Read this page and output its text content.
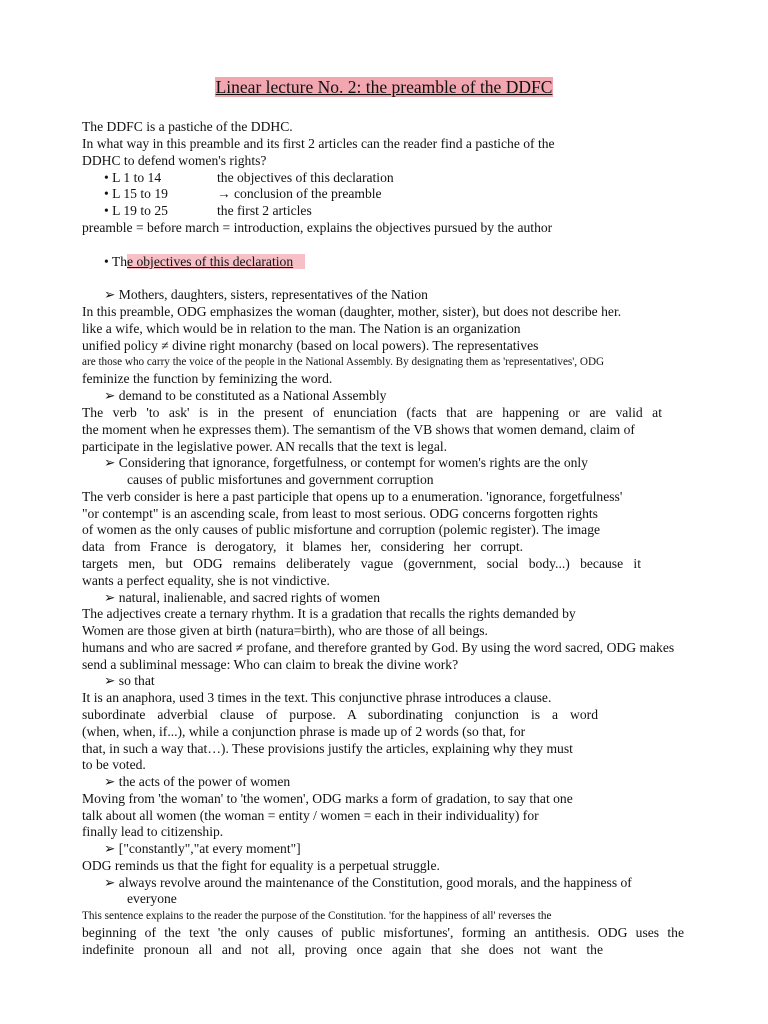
Linear lecture No. 2: the preamble of the DDFC
The DDFC is a pastiche of the DDHC.
In what way in this preamble and its first 2 articles can the reader find a pastiche of the
DDHC to defend women's rights?
• L 1 to 14	the objectives of this declaration
• L 15 to 19	→ conclusion of the preamble
• L 19 to 25	the first 2 articles
preamble = before march = introduction, explains the objectives pursued by the author
• The objectives of this declaration
➢ Mothers, daughters, sisters, representatives of the Nation
In this preamble, ODG emphasizes the woman (daughter, mother, sister), but does not describe her.
like a wife, which would be in relation to the man. The Nation is an organization
unified policy ≠ divine right monarchy (based on local powers). The representatives
are those who carry the voice of the people in the National Assembly. By designating them as 'representatives', ODG
feminize the function by feminizing the word.
➢ demand to be constituted as a National Assembly
The verb 'to ask' is in the present of enunciation (facts that are happening or are valid at
the moment when he expresses them). The semantism of the VB shows that women demand, claim of
participate in the legislative power. AN recalls that the text is legal.
➢ Considering that ignorance, forgetfulness, or contempt for women's rights are the only
causes of public misfortunes and government corruption
The verb consider is here a past participle that opens up to a enumeration. 'ignorance, forgetfulness'
"or contempt" is an ascending scale, from least to most serious. ODG concerns forgotten rights
of women as the only causes of public misfortune and corruption (polemic register). The image
data from France is derogatory, it blames her, considering her corrupt.
targets men, but ODG remains deliberately vague (government, social body...) because it
wants a perfect equality, she is not vindictive.
➢ natural, inalienable, and sacred rights of women
The adjectives create a ternary rhythm. It is a gradation that recalls the rights demanded by
Women are those given at birth (natura=birth), who are those of all beings.
humans and who are sacred ≠ profane, and therefore granted by God. By using the word sacred, ODG makes
send a subliminal message: Who can claim to break the divine work?
➢ so that
It is an anaphora, used 3 times in the text. This conjunctive phrase introduces a clause.
subordinate adverbial clause of purpose. A subordinating conjunction is a word
(when, when, if...), while a conjunction phrase is made up of 2 words (so that, for
that, in such a way that…). These provisions justify the articles, explaining why they must
to be voted.
➢ the acts of the power of women
Moving from 'the woman' to 'the women', ODG marks a form of gradation, to say that one
talk about all women (the woman = entity / women = each in their individuality) for
finally lead to citizenship.
➢ ["constantly","at every moment"]
ODG reminds us that the fight for equality is a perpetual struggle.
➢ always revolve around the maintenance of the Constitution, good morals, and the happiness of
everyone
This sentence explains to the reader the purpose of the Constitution. 'for the happiness of all' reverses the
beginning of the text 'the only causes of public misfortunes', forming an antithesis. ODG uses the
indefinite pronoun all and not all, proving once again that she does not want the
